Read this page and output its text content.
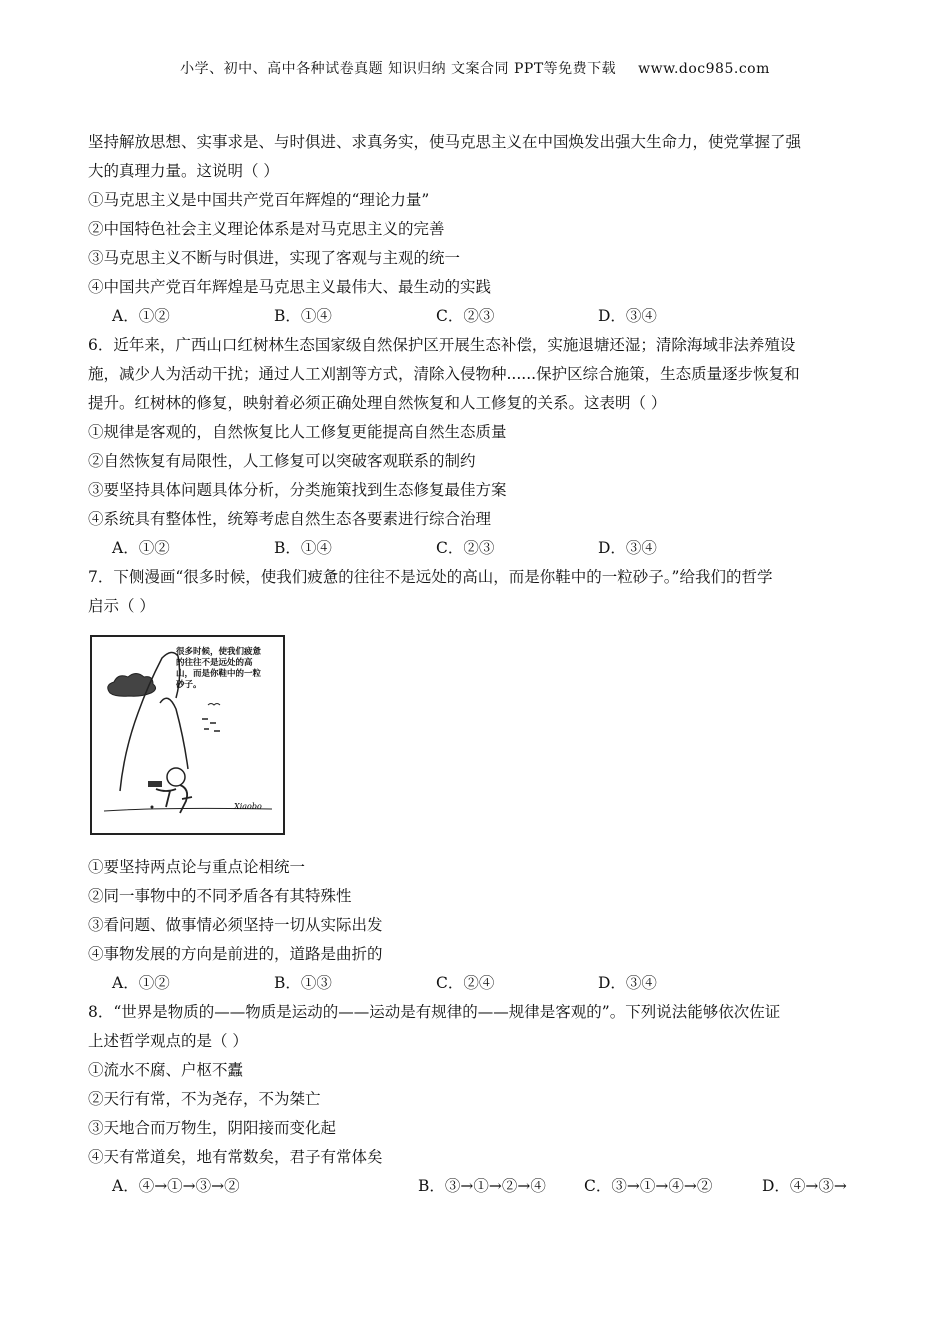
小学、初中、高中各种试卷真题 知识归纳 文案合同 PPT等免费下载 www.doc985.com
坚持解放思想、实事求是、与时俱进、求真务实，使马克思主义在中国焕发出强大生命力，使党掌握了强
大的真理力量。这说明（ ）
①马克思主义是中国共产党百年辉煌的“理论力量”
②中国特色社会主义理论体系是对马克思主义的完善
③马克思主义不断与时俱进，实现了客观与主观的统一
④中国共产党百年辉煌是马克思主义最伟大、最生动的实践
A．①②	B．①④	C．②③	D．③④
6．近年来，广西山口红树林生态国家级自然保护区开展生态补偿，实施退塘还湿；清除海域非法养殖设
施，减少人为活动干扰；通过人工刈割等方式，清除入侵物种......保护区综合施策，生态质量逐步恢复和
提升。红树林的修复，映射着必须正确处理自然恢复和人工修复的关系。这表明（ ）
①规律是客观的，自然恢复比人工修复更能提高自然生态质量
②自然恢复有局限性，人工修复可以突破客观联系的制约
③要坚持具体问题具体分析，分类施策找到生态修复最佳方案
④系统具有整体性，统筹考虑自然生态各要素进行综合治理
A．①②	B．①④	C．②③	D．③④
7．下侧漫画“很多时候，使我们疲惫的往往不是远处的高山，而是你鞋中的一粒砂子。”给我们的哲学
启示（ ）
Xiaobo
很多时候，使我们疲惫的往往不是远处的高山，而是你鞋中的一粒砂子。
①要坚持两点论与重点论相统一
②同一事物中的不同矛盾各有其特殊性
③看问题、做事情必须坚持一切从实际出发
④事物发展的方向是前进的，道路是曲折的
A．①②	B．①③	C．②④	D．③④
8．“世界是物质的——物质是运动的——运动是有规律的——规律是客观的”。下列说法能够依次佐证
上述哲学观点的是（ ）
①流水不腐、户枢不蠹
②天行有常，不为尧存，不为桀亡
③天地合而万物生，阴阳接而变化起
④天有常道矣，地有常数矣，君子有常体矣
A．④→①→③→②	B．③→①→②→④	C．③→①→④→②	D．④→③→
